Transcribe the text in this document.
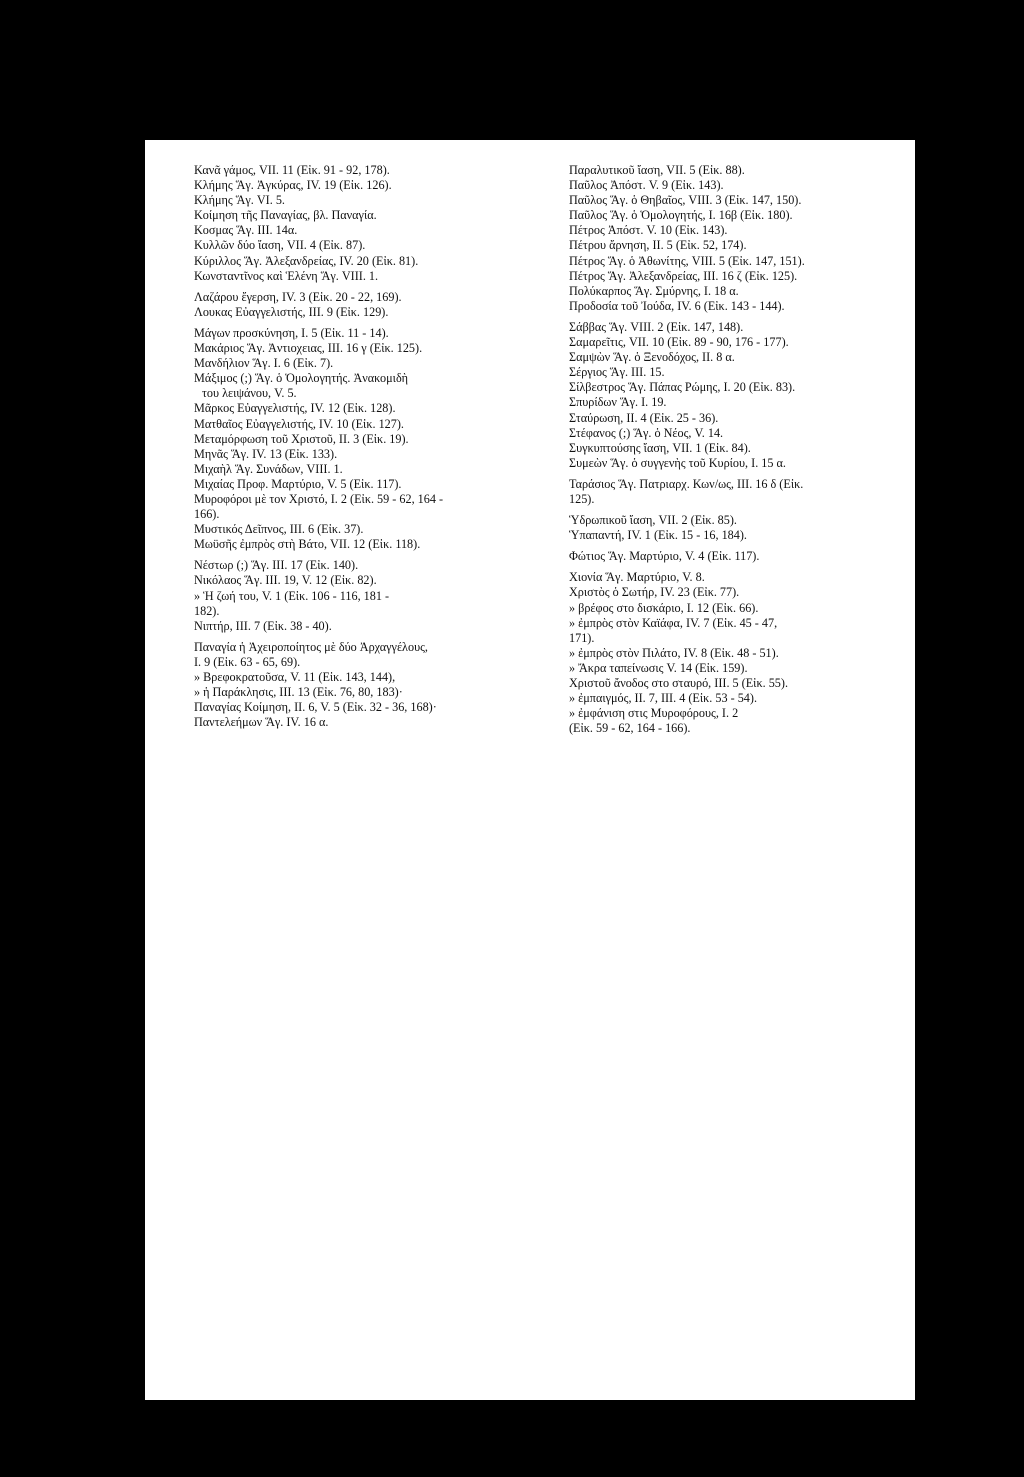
Κανᾶ γάμος, VII. 11 (Εἰκ. 91 - 92, 178).
Κλήμης Ἅγ. Ἀγκύρας, IV. 19 (Εἰκ. 126).
Κλήμης Ἅγ. VI. 5.
Κοίμηση τῆς Παναγίας, βλ. Παναγία.
Κοσμας Ἅγ. ΙΙΙ. 14α.
Κυλλῶν δύο ἴαση, VII. 4 (Εἰκ. 87).
Κύριλλος Ἅγ. Ἀλεξανδρείας, IV. 20 (Εἰκ. 81).
Κωνσταντῖνος καὶ Ἑλένη Ἅγ. VIII. 1.
Λαζάρου ἔγερση, IV. 3 (Εἰκ. 20 - 22, 169).
Λουκας Εὐαγγελιστής, III. 9 (Εἰκ. 129).
Μάγων προσκύνηση, I. 5 (Εἰκ. 11 - 14).
Μακάριος Ἅγ. Ἀντιοχειας, III. 16 γ (Εἰκ. 125).
Μανδήλιον Ἅγ. I. 6 (Εἰκ. 7).
Μάξιμος (;) Ἅγ. ὁ Ὁμολογητής. Ἀνακομιδὴ
του λειψάνου, V. 5.
Μᾶρκος Εὐαγγελιστής, IV. 12 (Εἰκ. 128).
Ματθαῖος Εὐαγγελιστής, IV. 10 (Εἰκ. 127).
Μεταμόρφωση τοῦ Χριστοῦ, II. 3 (Εἰκ. 19).
Μηνᾶς Ἅγ. IV. 13 (Εἰκ. 133).
Μιχαὴλ Ἅγ. Συνάδων, VIII. 1.
Μιχαίας Προφ. Μαρτύριο, V. 5 (Εἰκ. 117).
Μυροφόροι μὲ τον Χριστό, I. 2 (Εἰκ. 59 - 62, 164 -
166).
Μυστικός Δεῖπνος, III. 6 (Εἰκ. 37).
Μωϋσῆς ἐμπρὸς στὴ Βάτο, VII. 12 (Εἰκ. 118).
Νέστωρ (;) Ἅγ. III. 17 (Εἰκ. 140).
Νικόλαος Ἅγ. III. 19, V. 12 (Εἰκ. 82).
» Ἡ ζωή του, V. 1 (Εἰκ. 106 - 116, 181 -
182).
Νιπτήρ, III. 7 (Εἰκ. 38 - 40).
Παναγία ἡ Ἀχειροποίητος μὲ δύο Ἀρχαγγέλους,
I. 9 (Εἰκ. 63 - 65, 69).
» Βρεφοκρατοῦσα, V. 11 (Εἰκ. 143, 144),
» ἡ Παράκλησις, III. 13 (Εἰκ. 76, 80, 183)·
Παναγίας Κοίμηση, II. 6, V. 5 (Εἰκ. 32 - 36, 168)·
Παντελεήμων Ἅγ. IV. 16 α.
Παραλυτικοῦ ἴαση, VII. 5 (Εἰκ. 88).
Παῦλος Ἀπόστ. V. 9 (Εἰκ. 143).
Παῦλος Ἅγ. ὁ Θηβαῖος, VIII. 3 (Εἰκ. 147, 150).
Παῦλος Ἅγ. ὁ Ὁμολογητής, I. 16β (Εἰκ. 180).
Πέτρος Ἀπόστ. V. 10 (Εἰκ. 143).
Πέτρου ἄρνηση, II. 5 (Εἰκ. 52, 174).
Πέτρος Ἅγ. ὁ Ἀθωνίτης, VIII. 5 (Εἰκ. 147, 151).
Πέτρος Ἅγ. Ἀλεξανδρείας, III. 16 ζ (Εἰκ. 125).
Πολύκαρπος Ἅγ. Σμύρνης, I. 18 α.
Προδοσία τοῦ Ἰούδα, IV. 6 (Εἰκ. 143 - 144).
Σάββας Ἅγ. VIII. 2 (Εἰκ. 147, 148).
Σαμαρεῖτις, VII. 10 (Εἰκ. 89 - 90, 176 - 177).
Σαμψὼν Ἅγ. ὁ Ξενοδόχος, II. 8 α.
Σέργιος Ἅγ. III. 15.
Σίλβεστρος Ἅγ. Πάπας Ρώμης, I. 20 (Εἰκ. 83).
Σπυρίδων Ἅγ. I. 19.
Σταύρωση, II. 4 (Εἰκ. 25 - 36).
Στέφανος (;) Ἅγ. ὁ Νέος, V. 14.
Συγκυπτούσης ἴαση, VII. 1 (Εἰκ. 84).
Συμεὼν Ἅγ. ὁ συγγενὴς τοῦ Κυρίου, I. 15 α.
Ταράσιος Ἅγ. Πατριαρχ. Κων/ως, III. 16 δ (Εἰκ.
125).
Ὑδρωπικοῦ ἴαση, VII. 2 (Εἰκ. 85).
Ὑπαπαντή, IV. 1 (Εἰκ. 15 - 16, 184).
Φώτιος Ἅγ. Μαρτύριο, V. 4 (Εἰκ. 117).
Χιονία Ἅγ. Μαρτύριο, V. 8.
Χριστὸς ὁ Σωτήρ, IV. 23 (Εἰκ. 77).
» βρέφος στο δισκάριο, I. 12 (Εἰκ. 66).
» ἐμπρὸς στὸν Καϊάφα, IV. 7 (Εἰκ. 45 - 47,
171).
» ἐμπρὸς στὸν Πιλάτο, IV. 8 (Εἰκ. 48 - 51).
» Ἄκρα ταπείνωσις V. 14 (Εἰκ. 159).
Χριστοῦ ἄνοδος στο σταυρό, III. 5 (Εἰκ. 55).
» ἐμπαιγμός, II. 7, III. 4 (Εἰκ. 53 - 54).
» ἐμφάνιση στις Μυροφόρους, I. 2
(Εἰκ. 59 - 62, 164 - 166).
